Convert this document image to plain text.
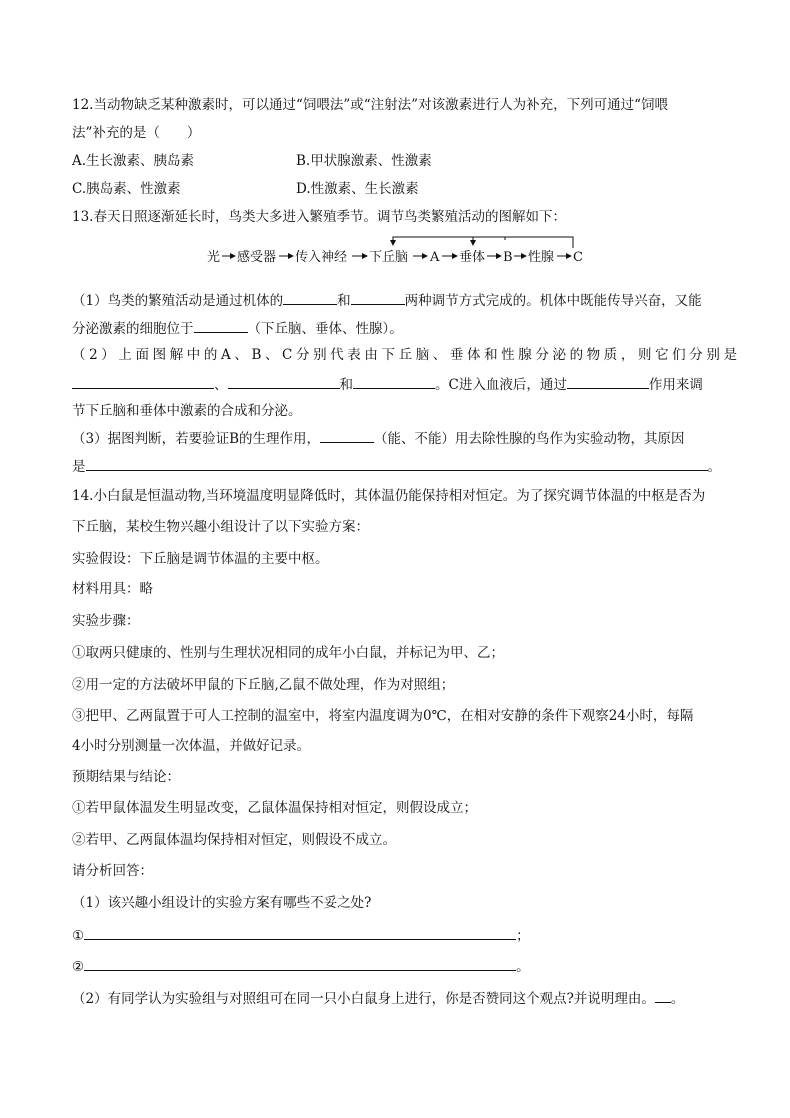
12.当动物缺乏某种激素时，可以通过“饲喂法”或“注射法”对该激素进行人为补充，下列可通过“饲喂
法”补充的是（　　）
A.生长激素、胰岛素	B.甲状腺激素、性激素
C.胰岛素、性激素	D.性激素、生长激素
13.春天日照逐渐延长时，鸟类大多进入繁殖季节。调节鸟类繁殖活动的图解如下：
光 感受器 传入神经 下丘脑 A 垂体 B 性腺 C
（1）鸟类的繁殖活动是通过机体的	和	两种调节方式完成的。机体中既能传导兴奋，又能
分泌激素的细胞位于	（下丘脑、垂体、性腺）。
（2）上面图解中的A、B、C分别代表由下丘脑、垂体和性腺分泌的物质，则它们分别是
、	和	。C进入血液后，通过	作用来调
节下丘脑和垂体中激素的合成和分泌。
（3）据图判断，若要验证B的生理作用，	（能、不能）用去除性腺的鸟作为实验动物，其原因
是	。
14.小白鼠是恒温动物,当环境温度明显降低时，其体温仍能保持相对恒定。为了探究调节体温的中枢是否为
下丘脑，某校生物兴趣小组设计了以下实验方案：
实验假设：下丘脑是调节体温的主要中枢。
材料用具：略
实验步骤：
①取两只健康的、性别与生理状况相同的成年小白鼠，并标记为甲、乙；
②用一定的方法破坏甲鼠的下丘脑,乙鼠不做处理，作为对照组；
③把甲、乙两鼠置于可人工控制的温室中，将室内温度调为0℃，在相对安静的条件下观察24小时，每隔
4小时分别测量一次体温，并做好记录。
预期结果与结论：
①若甲鼠体温发生明显改变，乙鼠体温保持相对恒定，则假设成立；
②若甲、乙两鼠体温均保持相对恒定，则假设不成立。
请分析回答：
（1）该兴趣小组设计的实验方案有哪些不妥之处?
①	；
②	。
（2）有同学认为实验组与对照组可在同一只小白鼠身上进行，你是否赞同这个观点?并说明理由。 。
